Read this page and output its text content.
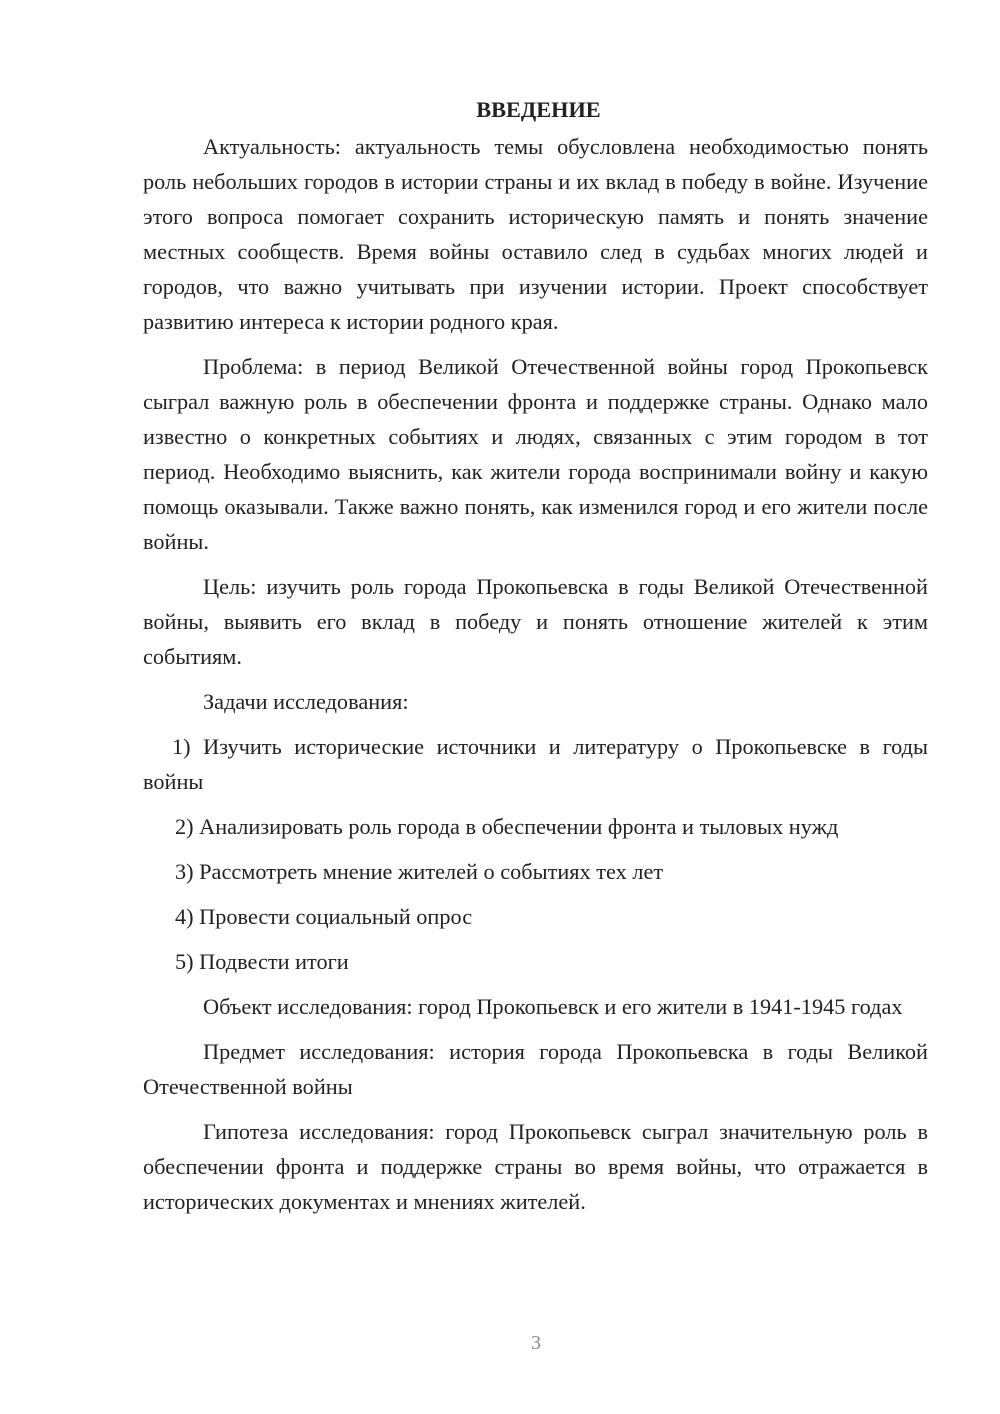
ВВЕДЕНИЕ

Актуальность: актуальность темы обусловлена необходимостью понять роль небольших городов в истории страны и их вклад в победу в войне. Изучение этого вопроса помогает сохранить историческую память и понять значение местных сообществ. Время войны оставило след в судьбах многих людей и городов, что важно учитывать при изучении истории. Проект способствует развитию интереса к истории родного края.

Проблема: в период Великой Отечественной войны город Прокопьевск сыграл важную роль в обеспечении фронта и поддержке страны. Однако мало известно о конкретных событиях и людях, связанных с этим городом в тот период. Необходимо выяснить, как жители города воспринимали войну и какую помощь оказывали. Также важно понять, как изменился город и его жители после войны.

Цель: изучить роль города Прокопьевска в годы Великой Отечественной войны, выявить его вклад в победу и понять отношение жителей к этим событиям.

Задачи исследования:

1) Изучить исторические источники и литературу о Прокопьевске в годы войны

2) Анализировать роль города в обеспечении фронта и тыловых нужд

3) Рассмотреть мнение жителей о событиях тех лет

4) Провести социальный опрос

5) Подвести итоги

Объект исследования: город Прокопьевск и его жители в 1941-1945 годах

Предмет исследования: история города Прокопьевска в годы Великой Отечественной войны

Гипотеза исследования: город Прокопьевск сыграл значительную роль в обеспечении фронта и поддержке страны во время войны, что отражается в исторических документах и мнениях жителей.

3
